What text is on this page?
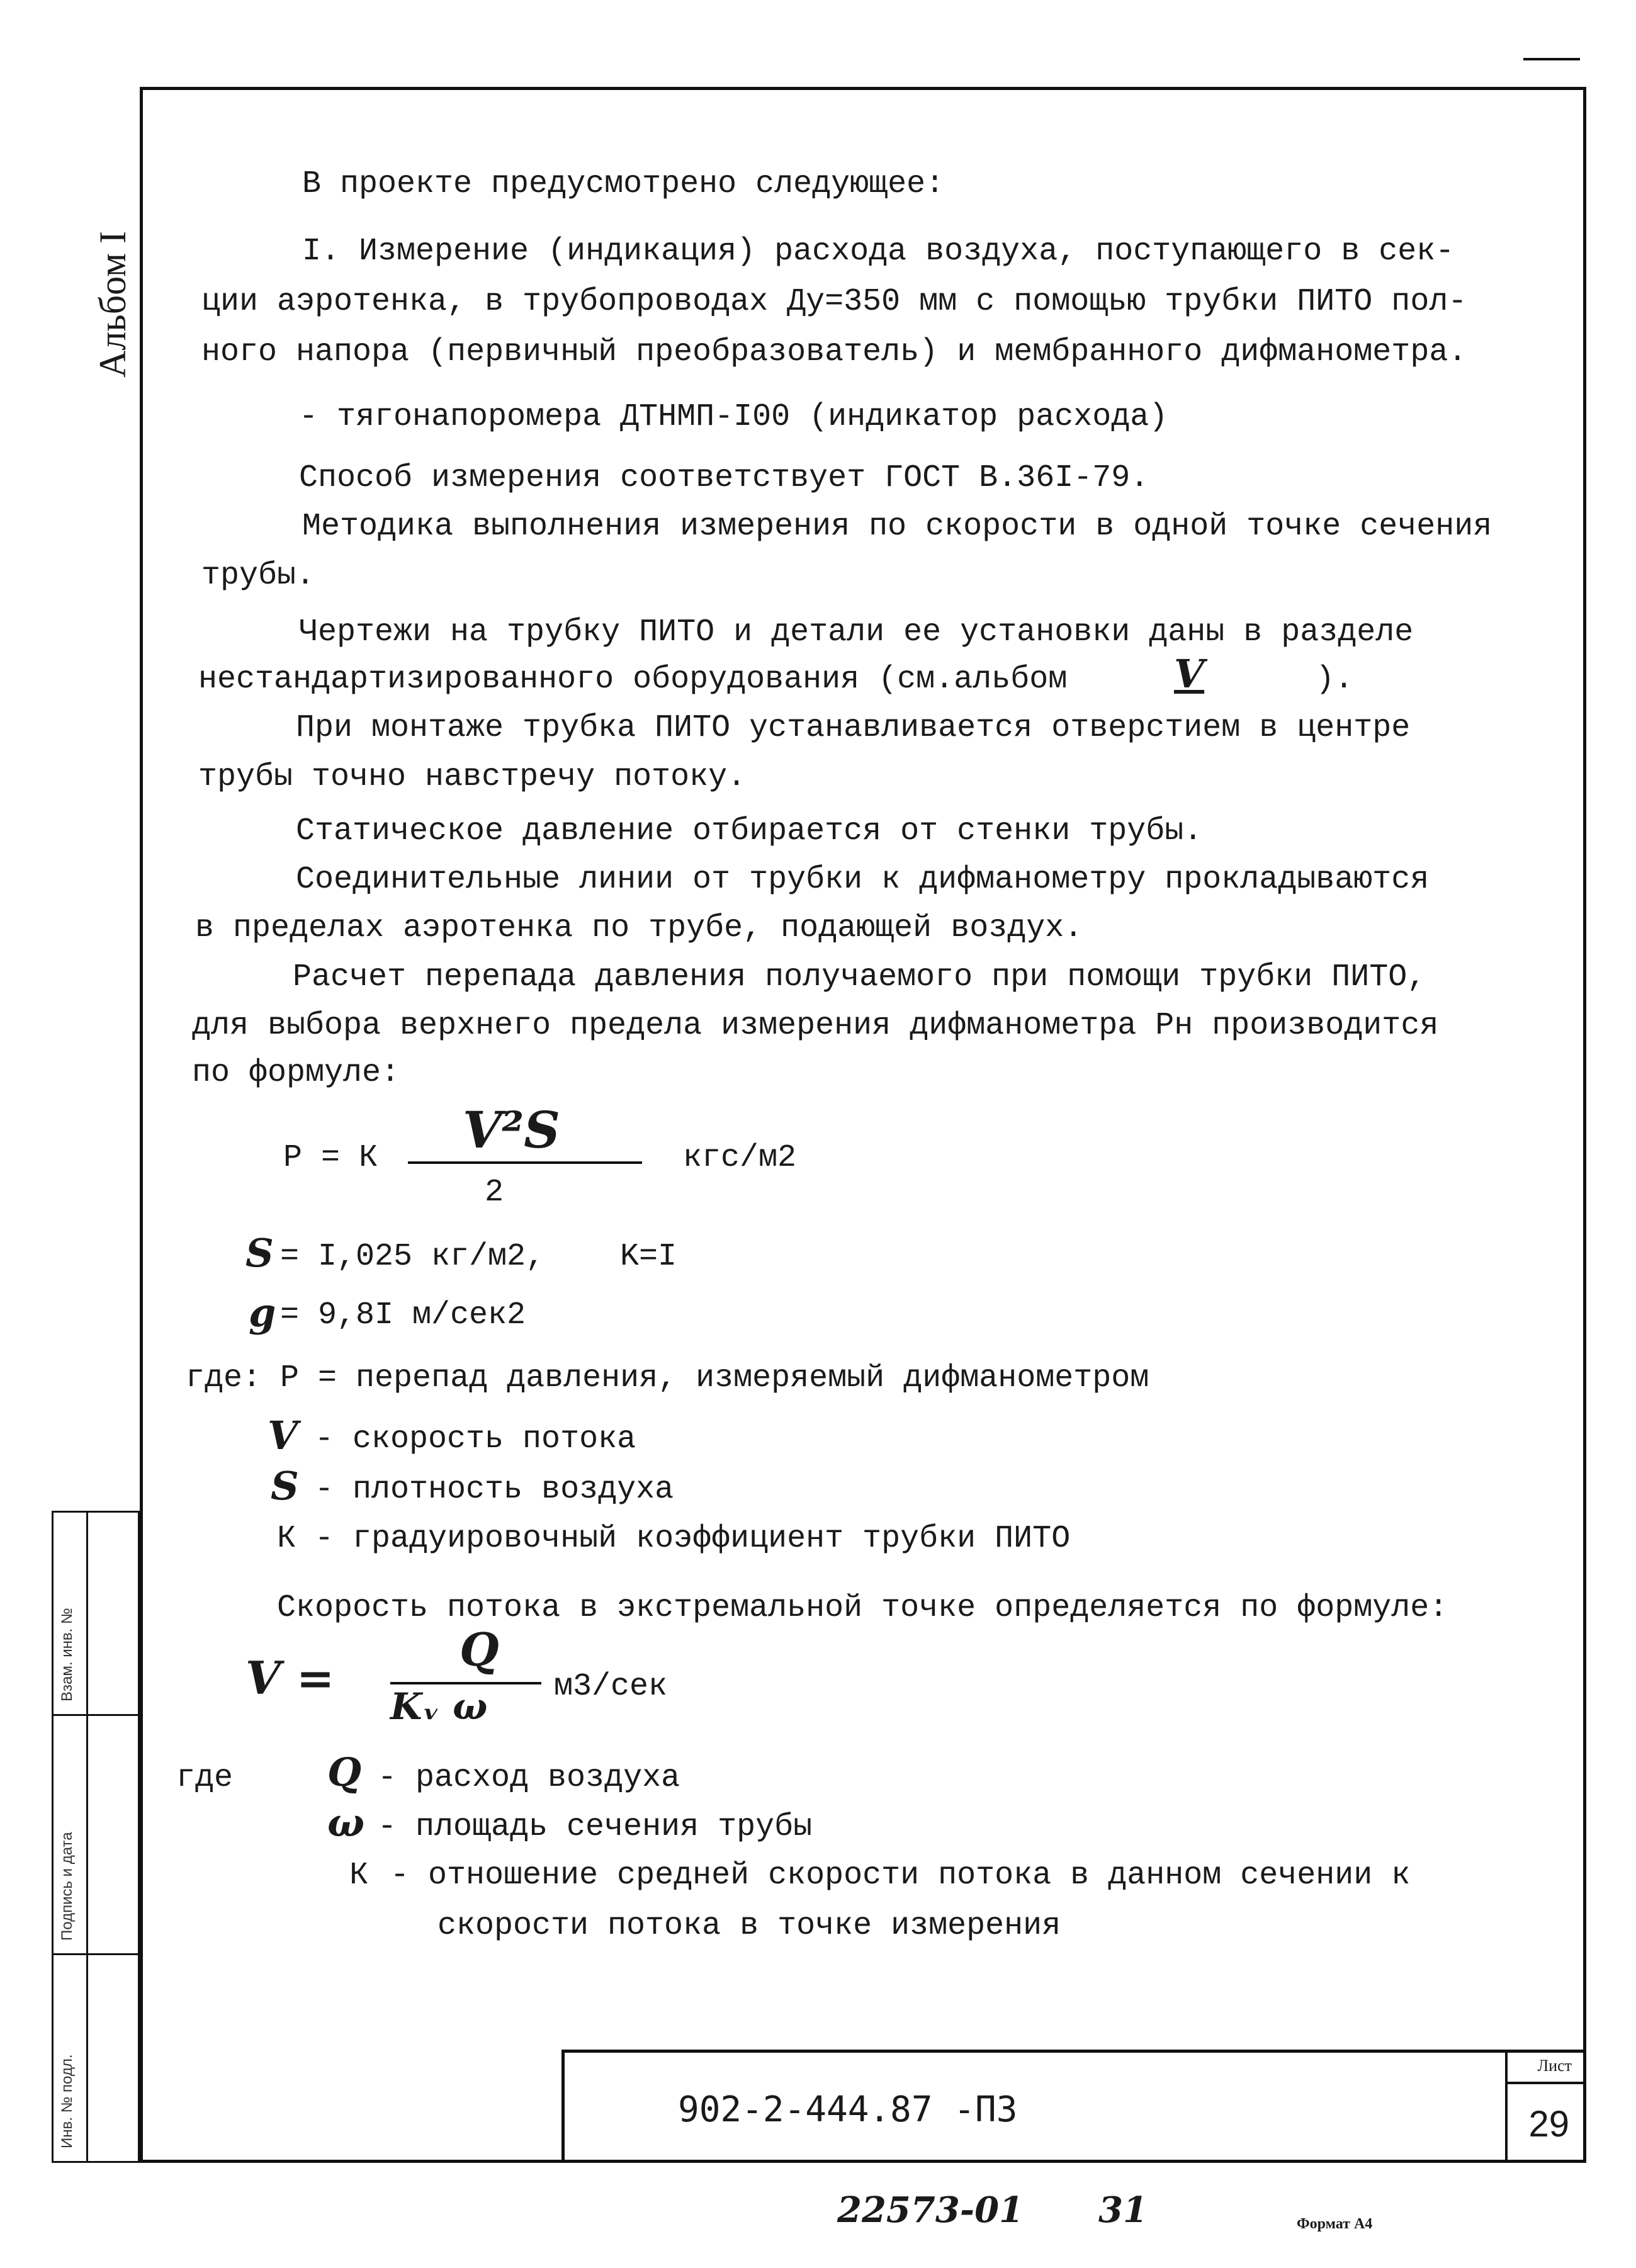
Альбом I
Взам. инв. №
Подпись и дата
Инв. № подл.
В проекте предусмотрено следующее:
I. Измерение (индикация) расхода воздуха, поступающего в сек-
ции аэротенка, в трубопроводах Ду=350 мм с помощью трубки ПИТО пол-
ного напора (первичный преобразователь) и мембранного дифманометра.
- тягонапоромера ДТНМП-I00 (индикатор расхода)
Способ измерения соответствует ГОСТ В.36I-79.
Методика выполнения измерения по скорости в одной точке сечения
трубы.
Чертежи на трубку ПИТО и детали ее установки даны в разделе
нестандартизированного оборудования (см.альбом	V	).
При монтаже трубка ПИТО устанавливается отверстием в центре
трубы точно навстречу потоку.
Статическое давление отбирается от стенки трубы.
Соединительные линии от трубки к дифманометру прокладываются
в пределах аэротенка по трубе, подающей воздух.
Расчет перепада давления получаемого при помощи трубки ПИТО,
для выбора верхнего предела измерения дифманометра Рн производится
по формуле:
Р = К V²S
2
кгс/м2
S = I,025 кг/м2, K=I
g = 9,8I м/сек2
где: Р = перепад давления, измеряемый дифманометром
V - скорость потока
S - плотность воздуха
К - градуировочный коэффициент трубки ПИТО
Скорость потока в экстремальной точке определяется по формуле:
V =
Q
Kᵥ ω м3/сек
где Q - расход воздуха
ω - площадь сечения трубы
К - отношение средней скорости потока в данном сечении к
скорости потока в точке измерения
902-2-444.87 -П3
Лист
29
22573-01 31	Формат А4
